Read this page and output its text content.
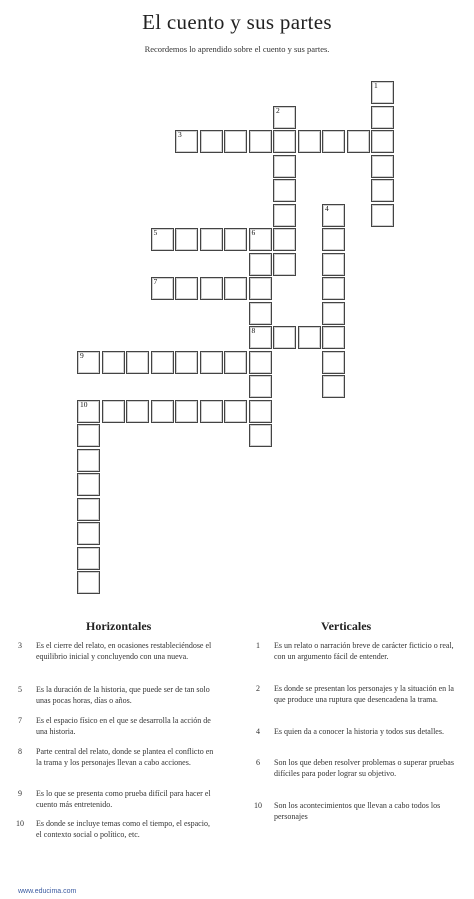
El cuento y sus partes
Recordemos lo aprendido sobre el cuento y sus partes.
3
5	6
7
8
9
10
1
2
4
Horizontales	Verticales
3	Es el cierre del relato, en ocasiones restableciéndose el equilibrio inicial y concluyendo con una nueva.
5	Es la duración de la historia, que puede ser de tan solo unas pocas horas, días o años.
7	Es el espacio físico en el que se desarrolla la acción de una historia.
8	Parte central del relato, donde se plantea el conflicto en la trama y los personajes llevan a cabo acciones.
9	Es lo que se presenta como prueba difícil para hacer el cuento más entretenido.
10 Es donde se incluye temas como el tiempo, el espacio, el contexto social o político, etc.
1	Es un relato o narración breve de carácter ficticio o real, con un argumento fácil de entender.
2	Es donde se presentan los personajes y la situación en la que produce una ruptura que desencadena la trama.
4	Es quien da a conocer la historia y todos sus detalles.
6	Son los que deben resolver problemas o superar pruebas difíciles para poder lograr su objetivo.
10 Son los acontecimientos que llevan a cabo todos los personajes
www.educima.com
